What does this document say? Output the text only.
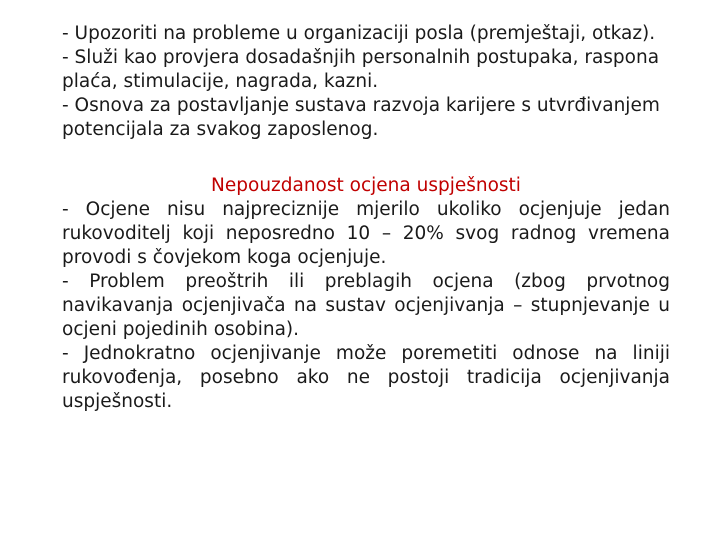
- Upozoriti na probleme u organizaciji posla (premještaji, otkaz).

- Služi kao provjera dosadašnjih personalnih postupaka, raspona plaća, stimulacije, nagrada, kazni.

- Osnova za postavljanje sustava razvoja karijere s utvrđivanjem potencijala za svakog zaposlenog.

Nepouzdanost ocjena uspješnosti

- Ocjene nisu najpreciznije mjerilo ukoliko ocjenjuje jedan rukovoditelj koji neposredno 10 – 20% svog radnog vremena provodi s čovjekom koga ocjenjuje.

- Problem preoštrih ili preblagih ocjena (zbog prvotnog navikavanja ocjenjivača na sustav ocjenjivanja – stupnjevanje u ocjeni pojedinih osobina).

- Jednokratno ocjenjivanje može poremetiti odnose na liniji rukovođenja, posebno ako ne postoji tradicija ocjenjivanja uspješnosti.
